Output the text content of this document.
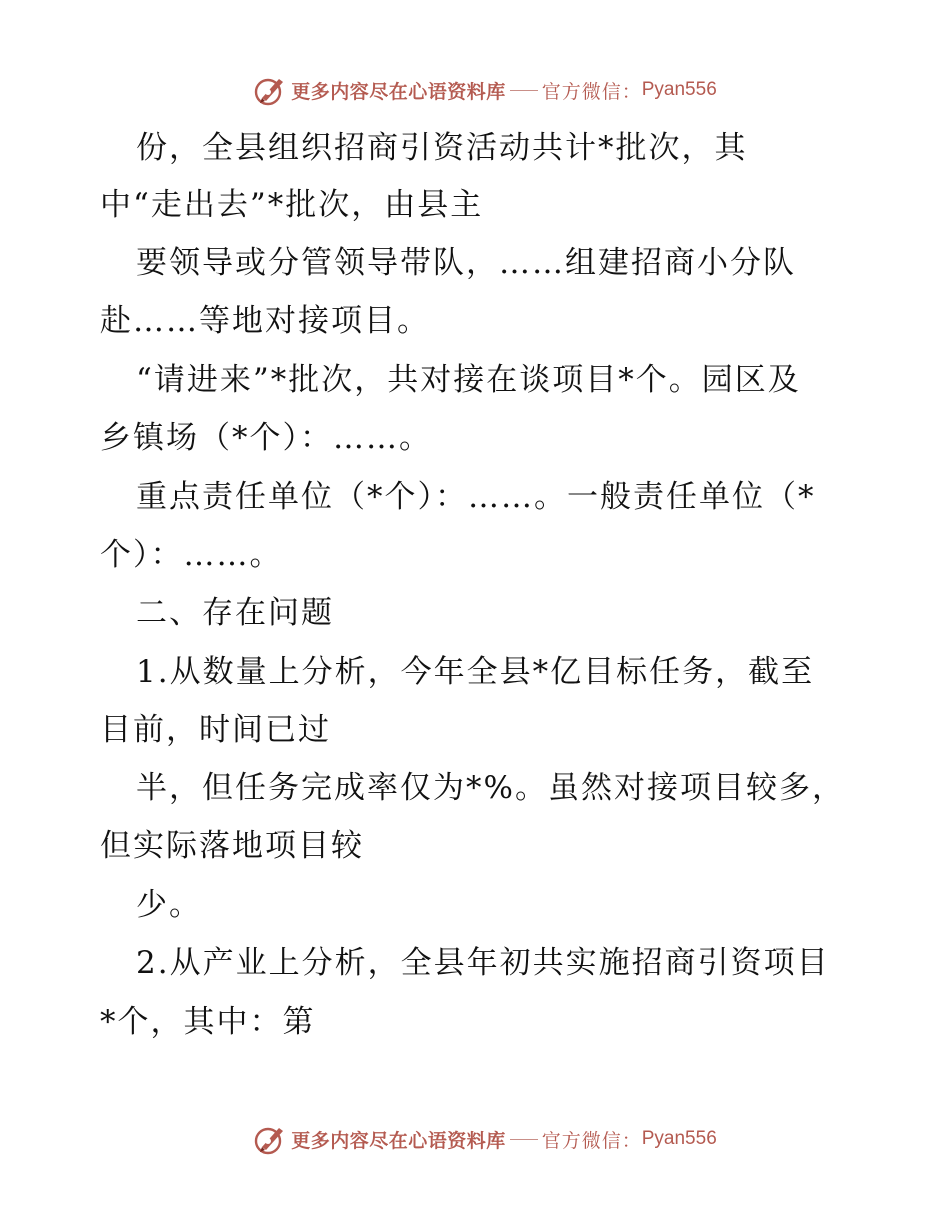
更多内容尽在心语资料库 官方微信： Pyan556
份，全县组织招商引资活动共计*批次，其
中“走出去”*批次，由县主
要领导或分管领导带队，……组建招商小分队
赴……等地对接项目。
“请进来”*批次，共对接在谈项目*个。园区及
乡镇场（*个）：……。
重点责任单位（*个）：……。一般责任单位（*
个）：……。
二、存在问题
1.从数量上分析，今年全县*亿目标任务，截至
目前，时间已过
半，但任务完成率仅为*%。虽然对接项目较多，
但实际落地项目较
少。
2.从产业上分析，全县年初共实施招商引资项目
*个，其中：第
更多内容尽在心语资料库 官方微信： Pyan556
